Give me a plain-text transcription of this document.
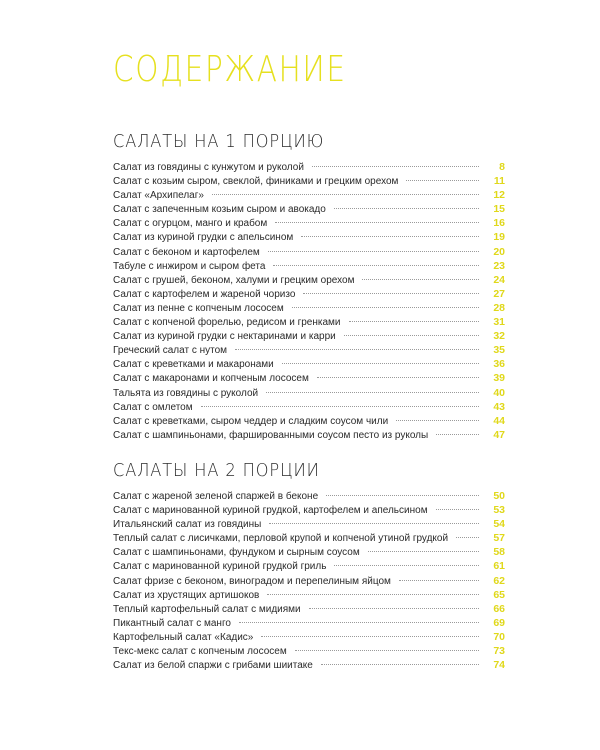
СОДЕРЖАНИЕ
САЛАТЫ НА 1 ПОРЦИЮ
Салат из говядины с кунжутом и руколой	8
Салат с козьим сыром, свеклой, финиками и грецким орехом	11
Салат «Архипелаг»	12
Салат с запеченным козьим сыром и авокадо	15
Салат с огурцом, манго и крабом	16
Салат из куриной грудки с апельсином	19
Салат с беконом и картофелем	20
Табуле с инжиром и сыром фета	23
Салат с грушей, беконом, халуми и грецким орехом	24
Салат с картофелем и жареной чоризо	27
Салат из пенне с копченым лососем	28
Салат с копченой форелью, редисом и гренками	31
Салат из куриной грудки с нектаринами и карри	32
Греческий салат с нутом	35
Салат с креветками и макаронами	36
Салат с макаронами и копченым лососем	39
Тальята из говядины с руколой	40
Салат с омлетом	43
Салат с креветками, сыром чеддер и сладким соусом чили	44
Салат с шампиньонами, фаршированными соусом песто из руколы	47
САЛАТЫ НА 2 ПОРЦИИ
Салат с жареной зеленой спаржей в беконе	50
Салат с маринованной куриной грудкой, картофелем и апельсином	53
Итальянский салат из говядины	54
Теплый салат с лисичками, перловой крупой и копченой утиной грудкой	57
Салат с шампиньонами, фундуком и сырным соусом	58
Салат с маринованной куриной грудкой гриль	61
Салат фризе с беконом, виноградом и перепелиным яйцом	62
Салат из хрустящих артишоков	65
Теплый картофельный салат с мидиями	66
Пикантный салат с манго	69
Картофельный салат «Кадис»	70
Текс-мекс салат с копченым лососем	73
Салат из белой спаржи с грибами шиитаке	74
